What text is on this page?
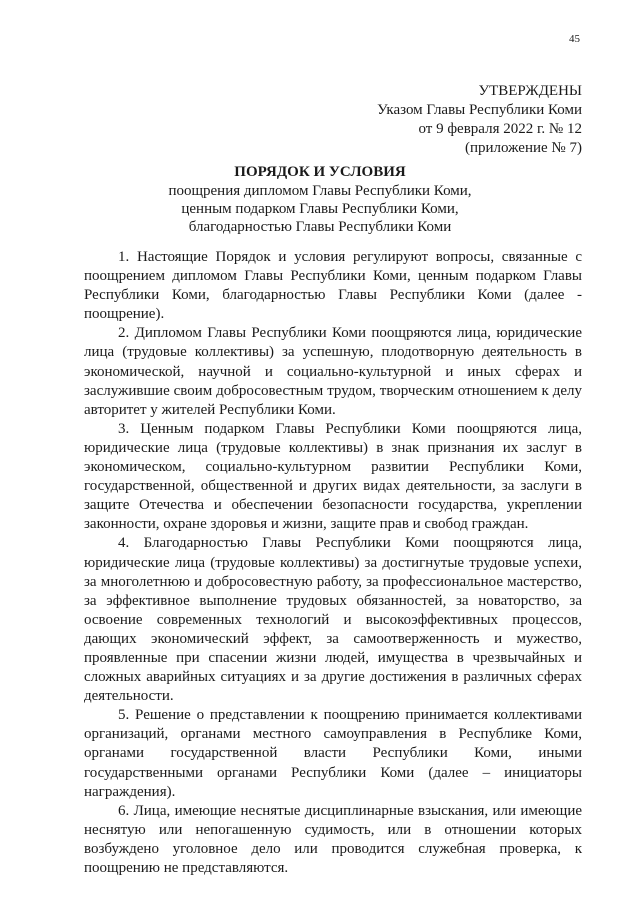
45
УТВЕРЖДЕНЫ
Указом Главы Республики Коми
от 9 февраля 2022 г. № 12
(приложение № 7)
ПОРЯДОК И УСЛОВИЯ
поощрения дипломом Главы Республики Коми,
ценным подарком Главы Республики Коми,
благодарностью Главы Республики Коми

1. Настоящие Порядок и условия регулируют вопросы, связанные с поощрением дипломом Главы Республики Коми, ценным подарком Главы Республики Коми, благодарностью Главы Республики Коми (далее - поощрение).

2. Дипломом Главы Республики Коми поощряются лица, юридические лица (трудовые коллективы) за успешную, плодотворную деятельность в экономической, научной и социально-культурной и иных сферах и заслужившие своим добросовестным трудом, творческим отношением к делу авторитет у жителей Республики Коми.

3. Ценным подарком Главы Республики Коми поощряются лица, юридические лица (трудовые коллективы) в знак признания их заслуг в экономическом, социально-культурном развитии Республики Коми, государственной, общественной и других видах деятельности, за заслуги в защите Отечества и обеспечении безопасности государства, укреплении законности, охране здоровья и жизни, защите прав и свобод граждан.

4. Благодарностью Главы Республики Коми поощряются лица, юридические лица (трудовые коллективы) за достигнутые трудовые успехи, за многолетнюю и добросовестную работу, за профессиональное мастерство, за эффективное выполнение трудовых обязанностей, за новаторство, за освоение современных технологий и высокоэффективных процессов, дающих экономический эффект, за самоотверженность и мужество, проявленные при спасении жизни людей, имущества в чрезвычайных и сложных аварийных ситуациях и за другие достижения в различных сферах деятельности.

5. Решение о представлении к поощрению принимается коллективами организаций, органами местного самоуправления в Республике Коми, органами государственной власти Республики Коми, иными государственными органами Республики Коми (далее – инициаторы награждения).

6. Лица, имеющие неснятые дисциплинарные взыскания, или имеющие неснятую или непогашенную судимость, или в отношении которых возбуждено уголовное дело или проводится служебная проверка, к поощрению не представляются.
